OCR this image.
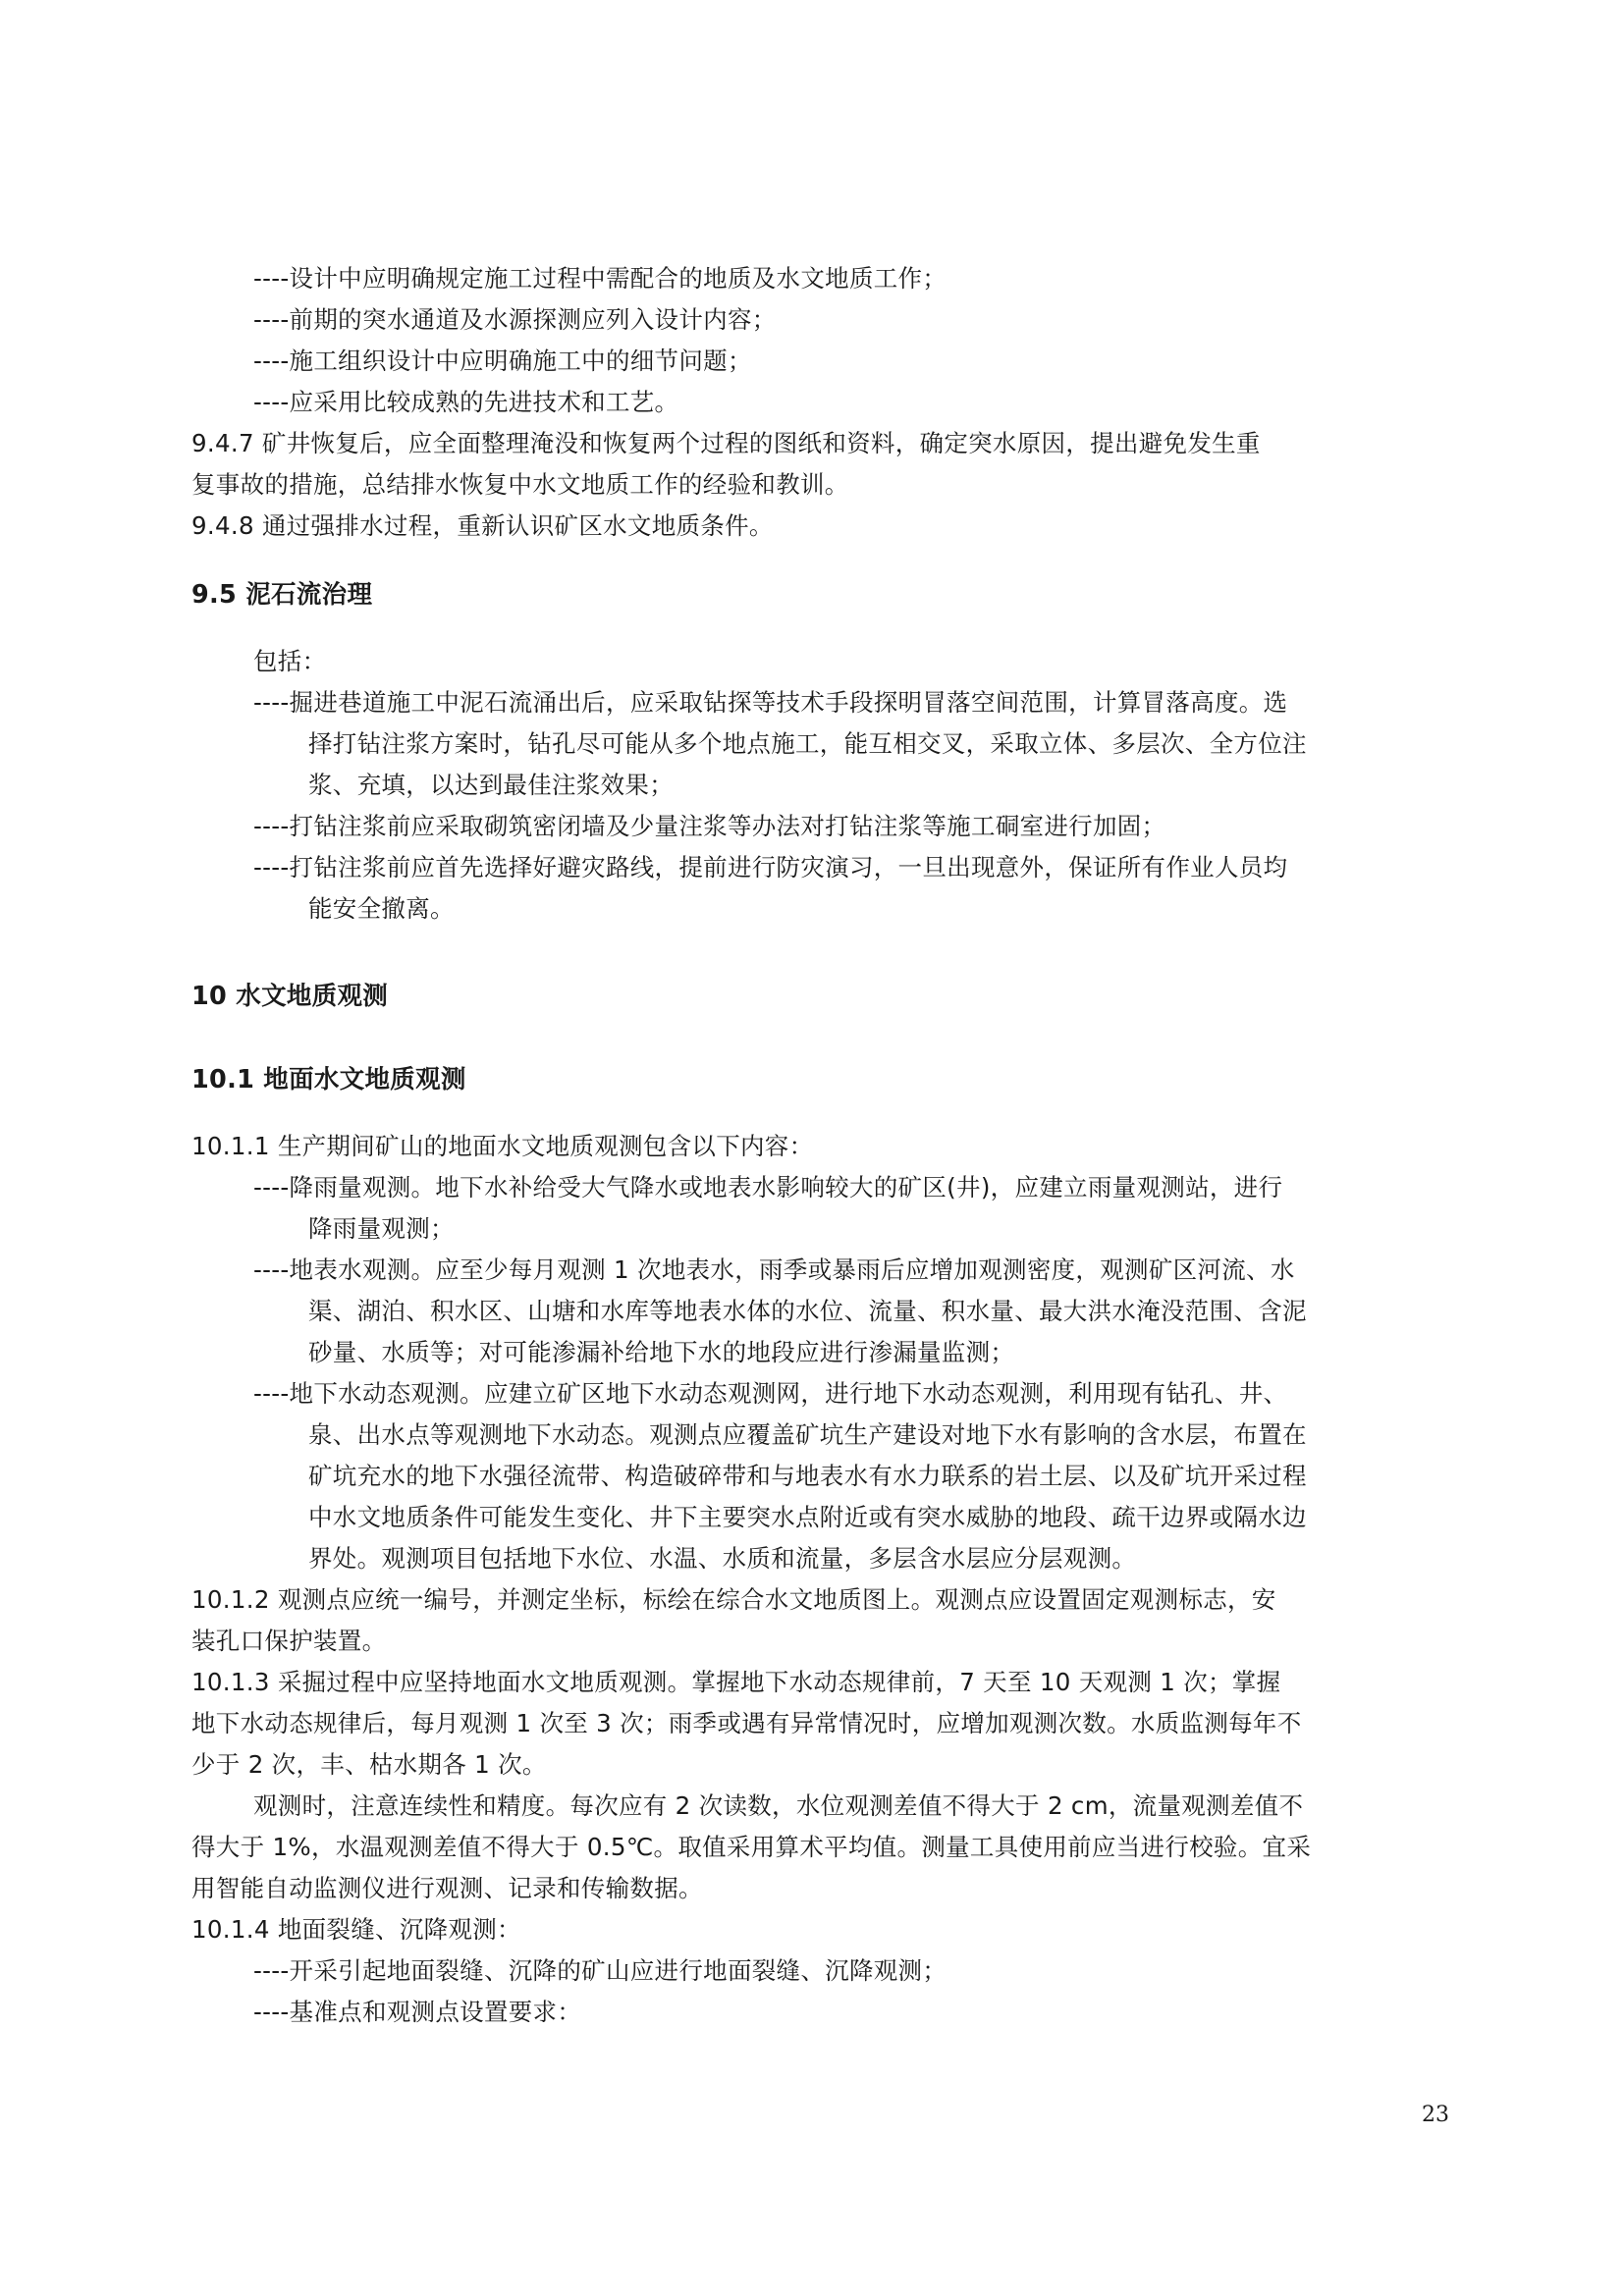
----设计中应明确规定施工过程中需配合的地质及水文地质工作；
----前期的突水通道及水源探测应列入设计内容；
----施工组织设计中应明确施工中的细节问题；
----应采用比较成熟的先进技术和工艺。
9.4.7 矿井恢复后，应全面整理淹没和恢复两个过程的图纸和资料，确定突水原因，提出避免发生重
复事故的措施，总结排水恢复中水文地质工作的经验和教训。
9.4.8 通过强排水过程，重新认识矿区水文地质条件。
9.5 泥石流治理
包括：
----掘进巷道施工中泥石流涌出后，应采取钻探等技术手段探明冒落空间范围，计算冒落高度。选
择打钻注浆方案时，钻孔尽可能从多个地点施工，能互相交叉，采取立体、多层次、全方位注
浆、充填，以达到最佳注浆效果；
----打钻注浆前应采取砌筑密闭墙及少量注浆等办法对打钻注浆等施工硐室进行加固；
----打钻注浆前应首先选择好避灾路线，提前进行防灾演习，一旦出现意外，保证所有作业人员均
能安全撤离。
10 水文地质观测
10.1 地面水文地质观测
10.1.1 生产期间矿山的地面水文地质观测包含以下内容：
----降雨量观测。地下水补给受大气降水或地表水影响较大的矿区(井)，应建立雨量观测站，进行
降雨量观测；
----地表水观测。应至少每月观测 1 次地表水，雨季或暴雨后应增加观测密度，观测矿区河流、水
渠、湖泊、积水区、山塘和水库等地表水体的水位、流量、积水量、最大洪水淹没范围、含泥
砂量、水质等；对可能渗漏补给地下水的地段应进行渗漏量监测；
----地下水动态观测。应建立矿区地下水动态观测网，进行地下水动态观测，利用现有钻孔、井、
泉、出水点等观测地下水动态。观测点应覆盖矿坑生产建设对地下水有影响的含水层，布置在
矿坑充水的地下水强径流带、构造破碎带和与地表水有水力联系的岩土层、以及矿坑开采过程
中水文地质条件可能发生变化、井下主要突水点附近或有突水威胁的地段、疏干边界或隔水边
界处。观测项目包括地下水位、水温、水质和流量，多层含水层应分层观测。
10.1.2 观测点应统一编号，并测定坐标，标绘在综合水文地质图上。观测点应设置固定观测标志，安
装孔口保护装置。
10.1.3 采掘过程中应坚持地面水文地质观测。掌握地下水动态规律前，7 天至 10 天观测 1 次；掌握
地下水动态规律后，每月观测 1 次至 3 次；雨季或遇有异常情况时，应增加观测次数。水质监测每年不
少于 2 次，丰、枯水期各 1 次。
观测时，注意连续性和精度。每次应有 2 次读数，水位观测差值不得大于 2 cm，流量观测差值不
得大于 1%，水温观测差值不得大于 0.5℃。取值采用算术平均值。测量工具使用前应当进行校验。宜采
用智能自动监测仪进行观测、记录和传输数据。
10.1.4 地面裂缝、沉降观测：
----开采引起地面裂缝、沉降的矿山应进行地面裂缝、沉降观测；
----基准点和观测点设置要求：
23
